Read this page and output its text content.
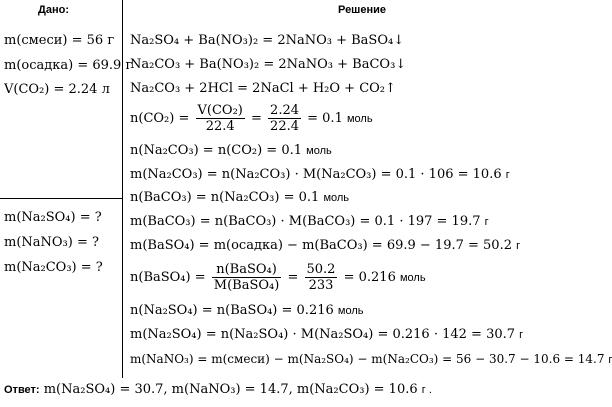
Дано:	Решение
m(смеси) = 56 г
m(осадка) = 69.9 г
V(CO₂) = 2.24 л
m(Na₂SO₄) = ?
m(NaNO₃) = ?
m(Na₂CO₃) = ?
Na₂SO₄ + Ba(NO₃)₂ = 2NaNO₃ + BaSO₄↓
Na₂CO₃ + Ba(NO₃)₂ = 2NaNO₃ + BaCO₃↓
Na₂CO₃ + 2HCl = 2NaCl + H₂O + CO₂↑
$n(CO_2) = \frac{\text{V(CO₂)}}{22.4} = \frac{2.24}{22.4} = 0.1$ моль
n(Na₂CO₃) = n(CO₂) = 0.1 моль
m(Na₂CO₃) = n(Na₂CO₃) · M(Na₂CO₃) = 0.1 · 106 = 10.6 г
n(BaCO₃) = n(Na₂CO₃) = 0.1 моль
m(BaCO₃) = n(BaCO₃) · M(BaCO₃) = 0.1 · 197 = 19.7 г
m(BaSO₄) = m(осадка) − m(BaCO₃) = 69.9 − 19.7 = 50.2 г
n(BaSO₄) = $\frac{\text{n(BaSO₄)}}{\text{M(BaSO₄)}} = \frac{50.2}{233} = 0.216$ моль
n(Na₂SO₄) = n(BaSO₄) = 0.216 моль
m(Na₂SO₄) = n(Na₂SO₄) · M(Na₂SO₄) = 0.216 · 142 = 30.7 г
m(NaNO₃) = m(смеси) − m(Na₂SO₄) − m(Na₂CO₃) = 56 − 30.7 − 10.6 = 14.7 г
Ответ: m(Na₂SO₄) = 30.7, m(NaNO₃) = 14.7, m(Na₂CO₃) = 10.6 г .
